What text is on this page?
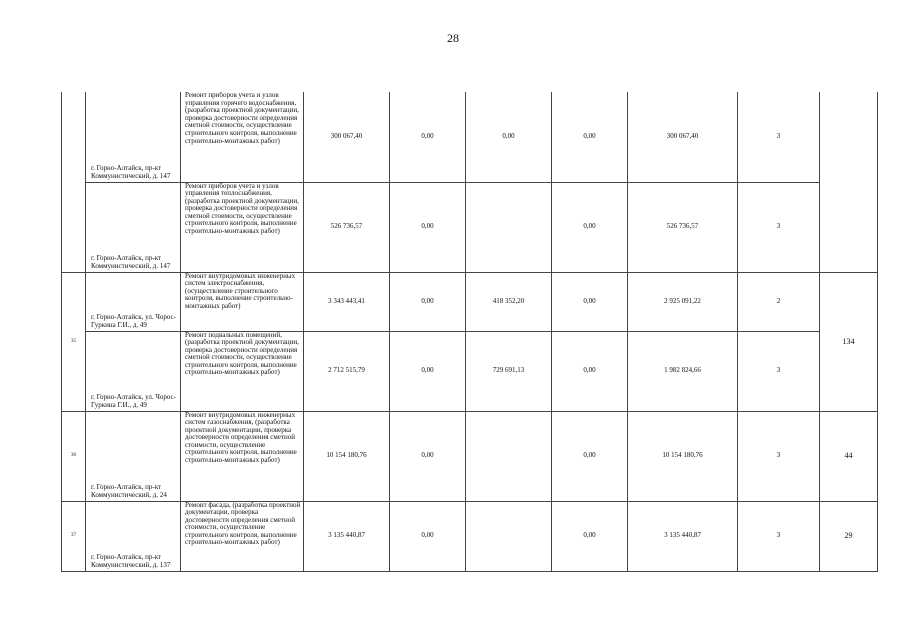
28
	г. Горно-Алтайск, пр-кт Коммунистический, д. 147	Ремонт приборов учета и узлов управления горячего водоснабжения, (разработка проектной документации, проверка достоверности определения сметной стоимости, осуществление строительного контроля, выполнение строительно-монтажных работ)	300 067,40	0,00	0,00	0,00	300 067,40	3	
	г. Горно-Алтайск, пр-кт Коммунистический, д. 147	Ремонт приборов учета и узлов управления теплоснабжения, (разработка проектной документации, проверка достоверности определения сметной стоимости, осуществление строительного контроля, выполнение строительно-монтажных работ)	526 736,57	0,00		0,00	526 736,57	3	
35	г. Горно-Алтайск, ул. Чорос-Гуркина Г.И., д. 49	Ремонт внутридомовых инженерных систем электроснабжения, (осуществление строительного контроля, выполнение строительно-монтажных работ)	3 343 443,41	0,00	418 352,20	0,00	2 925 091,22	2	134
	г. Горно-Алтайск, ул. Чорос-Гуркина Г.И., д. 49	Ремонт подвальных помещений, (разработка проектной документации, проверка достоверности определения сметной стоимости, осуществление строительного контроля, выполнение строительно-монтажных работ)	2 712 515,79	0,00	729 691,13	0,00	1 982 824,66	3	
36	г. Горно-Алтайск, пр-кт Коммунистический, д. 24	Ремонт внутридомовых инженерных систем газоснабжения, (разработка проектной документации, проверка достоверности определения сметной стоимости, осуществление строительного контроля, выполнение строительно-монтажных работ)	10 154 180,76	0,00		0,00	10 154 180,76	3	44
37	г. Горно-Алтайск, пр-кт Коммунистический, д. 137	Ремонт фасада, (разработка проектной документации, проверка достоверности определения сметной стоимости, осуществление строительного контроля, выполнение строительно-монтажных работ)	3 135 440,87	0,00		0,00	3 135 440,87	3	29
